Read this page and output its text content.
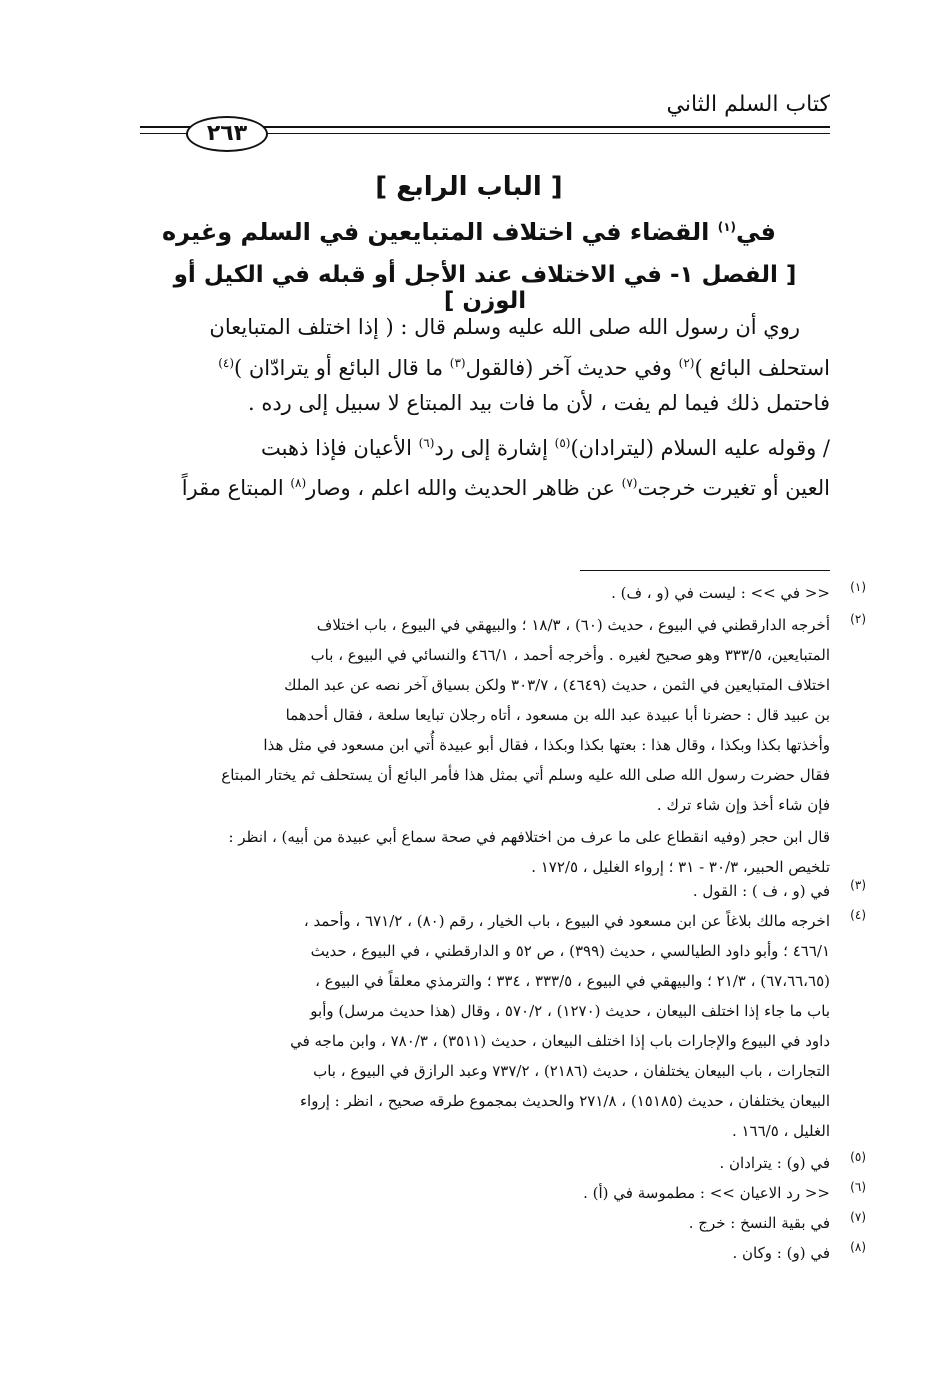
كتاب السلم الثاني
٢٦٣
[ الباب الرابع ]
في$^{(١)}$ القضاء في اختلاف المتبايعين في السلم وغيره
[ الفصل ١- في الاختلاف عند الأجل أو قبله في الكيل أو الوزن ]
روي أن رسول الله صلى الله عليه وسلم قال : ( إذا اختلف المتبايعان
استحلف البائع )$^{(٢)}$ وفي حديث آخر (فالقول$^{(٣)}$ ما قال البائع أو يترادّان )$^{(٤)}$
فاحتمل ذلك فيما لم يفت ، لأن ما فات بيد المبتاع لا سبيل إلى رده .
/ وقوله عليه السلام (ليترادان)$^{(٥)}$ إشارة إلى رد$^{(٦)}$ الأعيان فإذا ذهبت
العين أو تغيرت خرجت$^{(٧)}$ عن ظاهر الحديث والله اعلم ، وصار$^{(٨)}$ المبتاع مقراً
(١)
<< في >> : ليست في (و ، ف) .
(٢)
أخرجه الدارقطني في البيوع ، حديث (٦٠) ، ١٨/٣ ؛ والبيهقي في البيوع ، باب اختلاف
المتبايعين، ٣٣٣/٥ وهو صحيح لغيره . وأخرجه أحمد ، ٤٦٦/١ والنسائي في البيوع ، باب
اختلاف المتبايعين في الثمن ، حديث (٤٦٤٩) ، ٣٠٣/٧ ولكن بسياق آخر نصه عن عبد الملك
بن عبيد قال : حضرنا أبا عبيدة عبد الله بن مسعود ، أتاه رجلان تبايعا سلعة ، فقال أحدهما
وأخذتها بكذا وبكذا ، وقال هذا : بعتها بكذا وبكذا ، فقال أبو عبيدة أُتي ابن مسعود في مثل هذا
فقال حضرت رسول الله صلى الله عليه وسلم أتي بمثل هذا فأمر البائع أن يستحلف ثم يختار المبتاع
فإن شاء أخذ وإن شاء ترك .
قال ابن حجر (وفيه انقطاع على ما عرف من اختلافهم في صحة سماع أبي عبيدة من أبيه) ، انظر :
تلخيص الحبير، ٣٠/٣ - ٣١ ؛ إرواء الغليل ، ١٧٢/٥ .
(٣)
في (و ، ف ) : القول .
(٤)
اخرجه مالك بلاغاً عن ابن مسعود في البيوع ، باب الخيار ، رقم (٨٠) ، ٦٧١/٢ ، وأحمد ،
٤٦٦/١ ؛ وأبو داود الطيالسي ، حديث (٣٩٩) ، ص ٥٢ و الدارقطني ، في البيوع ، حديث
(٦٧،٦٦،٦٥) ، ٢١/٣ ؛ والبيهقي في البيوع ، ٣٣٣/٥ ، ٣٣٤ ؛ والترمذي معلقاً في البيوع ،
باب ما جاء إذا اختلف البيعان ، حديث (١٢٧٠) ، ٥٧٠/٢ ، وقال (هذا حديث مرسل) وأبو
داود في البيوع والإجارات باب إذا اختلف البيعان ، حديث (٣٥١١) ، ٧٨٠/٣ ، وابن ماجه في
التجارات ، باب البيعان يختلفان ، حديث (٢١٨٦) ، ٧٣٧/٢ وعبد الرازق في البيوع ، باب
البيعان يختلفان ، حديث (١٥١٨٥) ، ٢٧١/٨ والحديث بمجموع طرقه صحيح ، انظر : إرواء
الغليل ، ١٦٦/٥ .
(٥)
في (و) : يترادان .
(٦)
<< رد الاعيان >> : مطموسة في (أ) .
(٧)
في بقية النسخ : خرج .
(٨)
في (و) : وكان .
